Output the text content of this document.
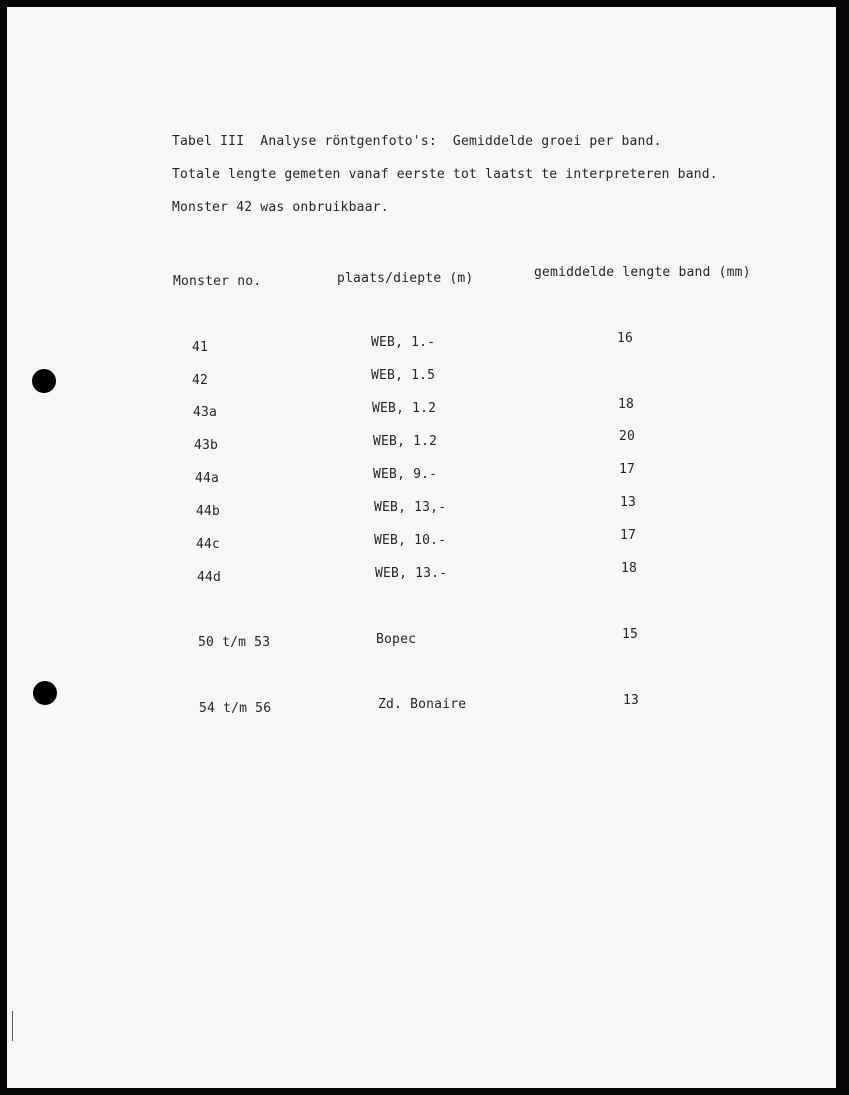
Tabel III  Analyse röntgenfoto's:  Gemiddelde groei per band.
Totale lengte gemeten vanaf eerste tot laatst te interpreteren band.
Monster 42 was onbruikbaar.
Monster no.	plaats/diepte (m)	gemiddelde lengte band (mm)
41	WEB, 1.-	16
42	WEB, 1.5
43a	WEB, 1.2	18
43b	WEB, 1.2	20
44a	WEB, 9.-	17
44b	WEB, 13,-	13
44c	WEB, 10.-	17
44d	WEB, 13.-	18
50 t/m 53	Bopec	15
54 t/m 56	Zd. Bonaire	13
